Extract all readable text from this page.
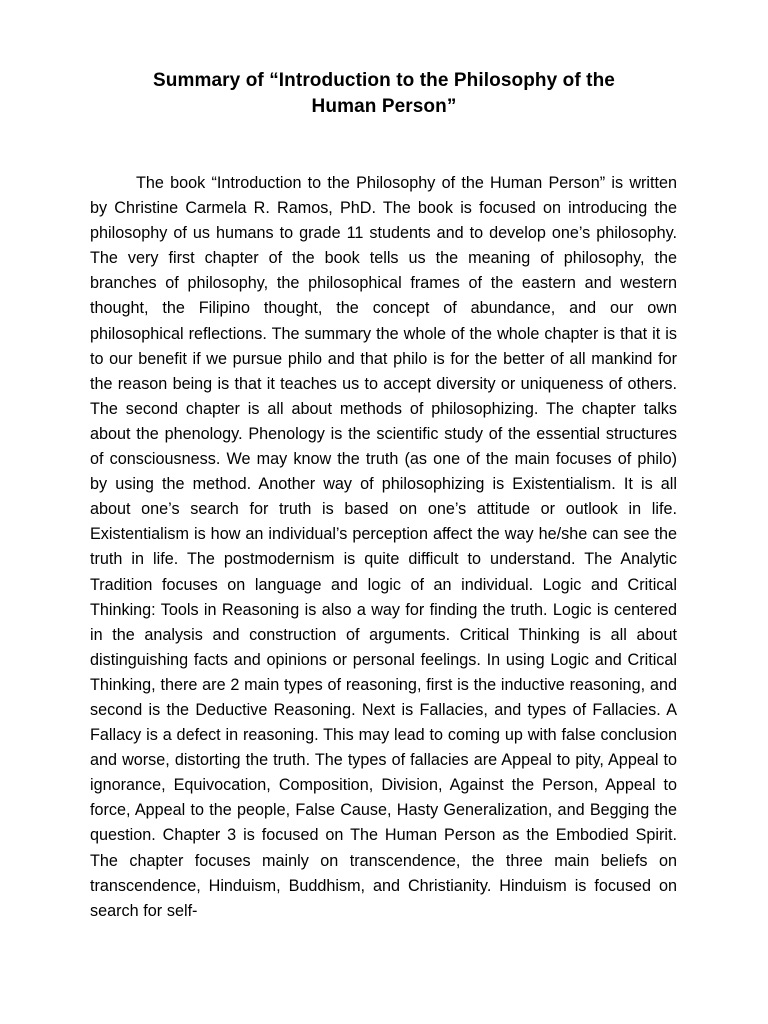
Summary of “Introduction to the Philosophy of the
Human Person”

The book “Introduction to the Philosophy of the Human Person” is written by Christine Carmela R. Ramos, PhD. The book is focused on introducing the philosophy of us humans to grade 11 students and to develop one’s philosophy. The very first chapter of the book tells us the meaning of philosophy, the branches of philosophy, the philosophical frames of the eastern and western thought, the Filipino thought, the concept of abundance, and our own philosophical reflections. The summary the whole of the whole chapter is that it is to our benefit if we pursue philo and that philo is for the better of all mankind for the reason being is that it teaches us to accept diversity or uniqueness of others. The second chapter is all about methods of philosophizing. The chapter talks about the phenology. Phenology is the scientific study of the essential structures of consciousness. We may know the truth (as one of the main focuses of philo) by using the method. Another way of philosophizing is Existentialism. It is all about one’s search for truth is based on one’s attitude or outlook in life. Existentialism is how an individual’s perception affect the way he/she can see the truth in life. The postmodernism is quite difficult to understand. The Analytic Tradition focuses on language and logic of an individual. Logic and Critical Thinking: Tools in Reasoning is also a way for finding the truth. Logic is centered in the analysis and construction of arguments. Critical Thinking is all about distinguishing facts and opinions or personal feelings. In using Logic and Critical Thinking, there are 2 main types of reasoning, first is the inductive reasoning, and second is the Deductive Reasoning. Next is Fallacies, and types of Fallacies. A Fallacy is a defect in reasoning. This may lead to coming up with false conclusion and worse, distorting the truth. The types of fallacies are Appeal to pity, Appeal to ignorance, Equivocation, Composition, Division, Against the Person, Appeal to force, Appeal to the people, False Cause, Hasty Generalization, and Begging the question. Chapter 3 is focused on The Human Person as the Embodied Spirit. The chapter focuses mainly on transcendence, the three main beliefs on transcendence, Hinduism, Buddhism, and Christianity. Hinduism is focused on search for self-
